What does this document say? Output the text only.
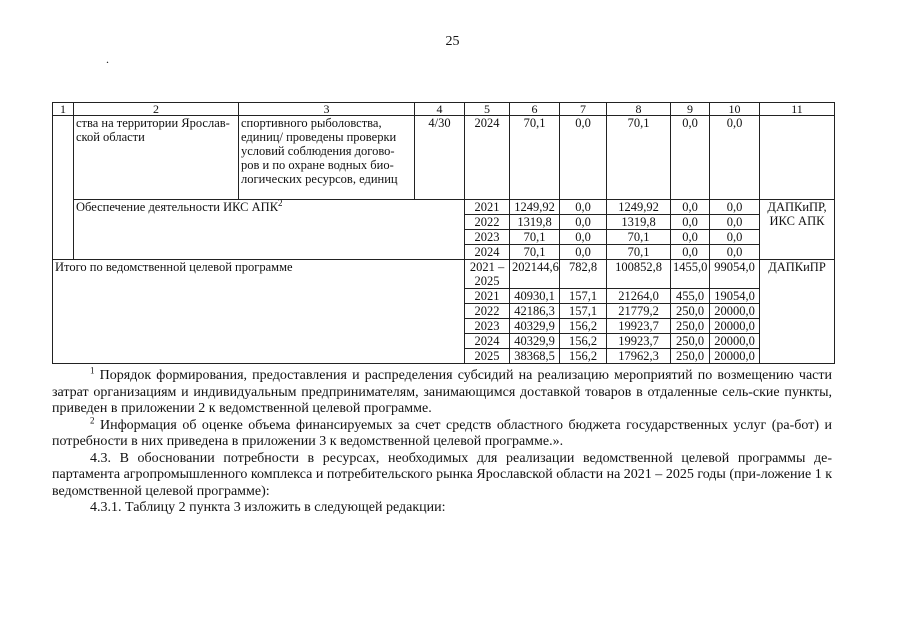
25
.
1	2	3	4	5	6	7	8	9	10	11
	ства на территории Ярослав-ской области	спортивного рыболовства, единиц/ проведены проверки условий соблюдения догово-ров и по охране водных био-логических ресурсов, единиц	4/30	2024	70,1	0,0	70,1	0,0	0,0	
	Обеспечение деятельности ИКС АПК$^2$			2021	1249,92	0,0	1249,92	0,0	0,0	ДАПКиПР, ИКС АПК
				2022	1319,8	0,0	1319,8	0,0	0,0	
				2023	70,1	0,0	70,1	0,0	0,0	
				2024	70,1	0,0	70,1	0,0	0,0	
Итого по ведомственной целевой программе				2021 – 2025	202144,6	782,8	100852,8	1455,0	99054,0	ДАПКиПР
				2021	40930,1	157,1	21264,0	455,0	19054,0	
				2022	42186,3	157,1	21779,2	250,0	20000,0	
				2023	40329,9	156,2	19923,7	250,0	20000,0	
				2024	40329,9	156,2	19923,7	250,0	20000,0	
				2025	38368,5	156,2	17962,3	250,0	20000,0	

$^1$ Порядок формирования, предоставления и распределения субсидий на реализацию мероприятий по возмещению части затрат организациям и индивидуальным предпринимателям, занимающимся доставкой товаров в отдаленные сель-ские пункты, приведен в приложении 2 к ведомственной целевой программе.

$^2$ Информация об оценке объема финансируемых за счет средств областного бюджета государственных услуг (ра-бот) и потребности в них приведена в приложении 3 к ведомственной целевой программе.».

4.3. В обосновании потребности в ресурсах, необходимых для реализации ведомственной целевой программы де-партамента агропромышленного комплекса и потребительского рынка Ярославской области на 2021 – 2025 годы (при-ложение 1 к ведомственной целевой программе):

4.3.1. Таблицу 2 пункта 3 изложить в следующей редакции:
